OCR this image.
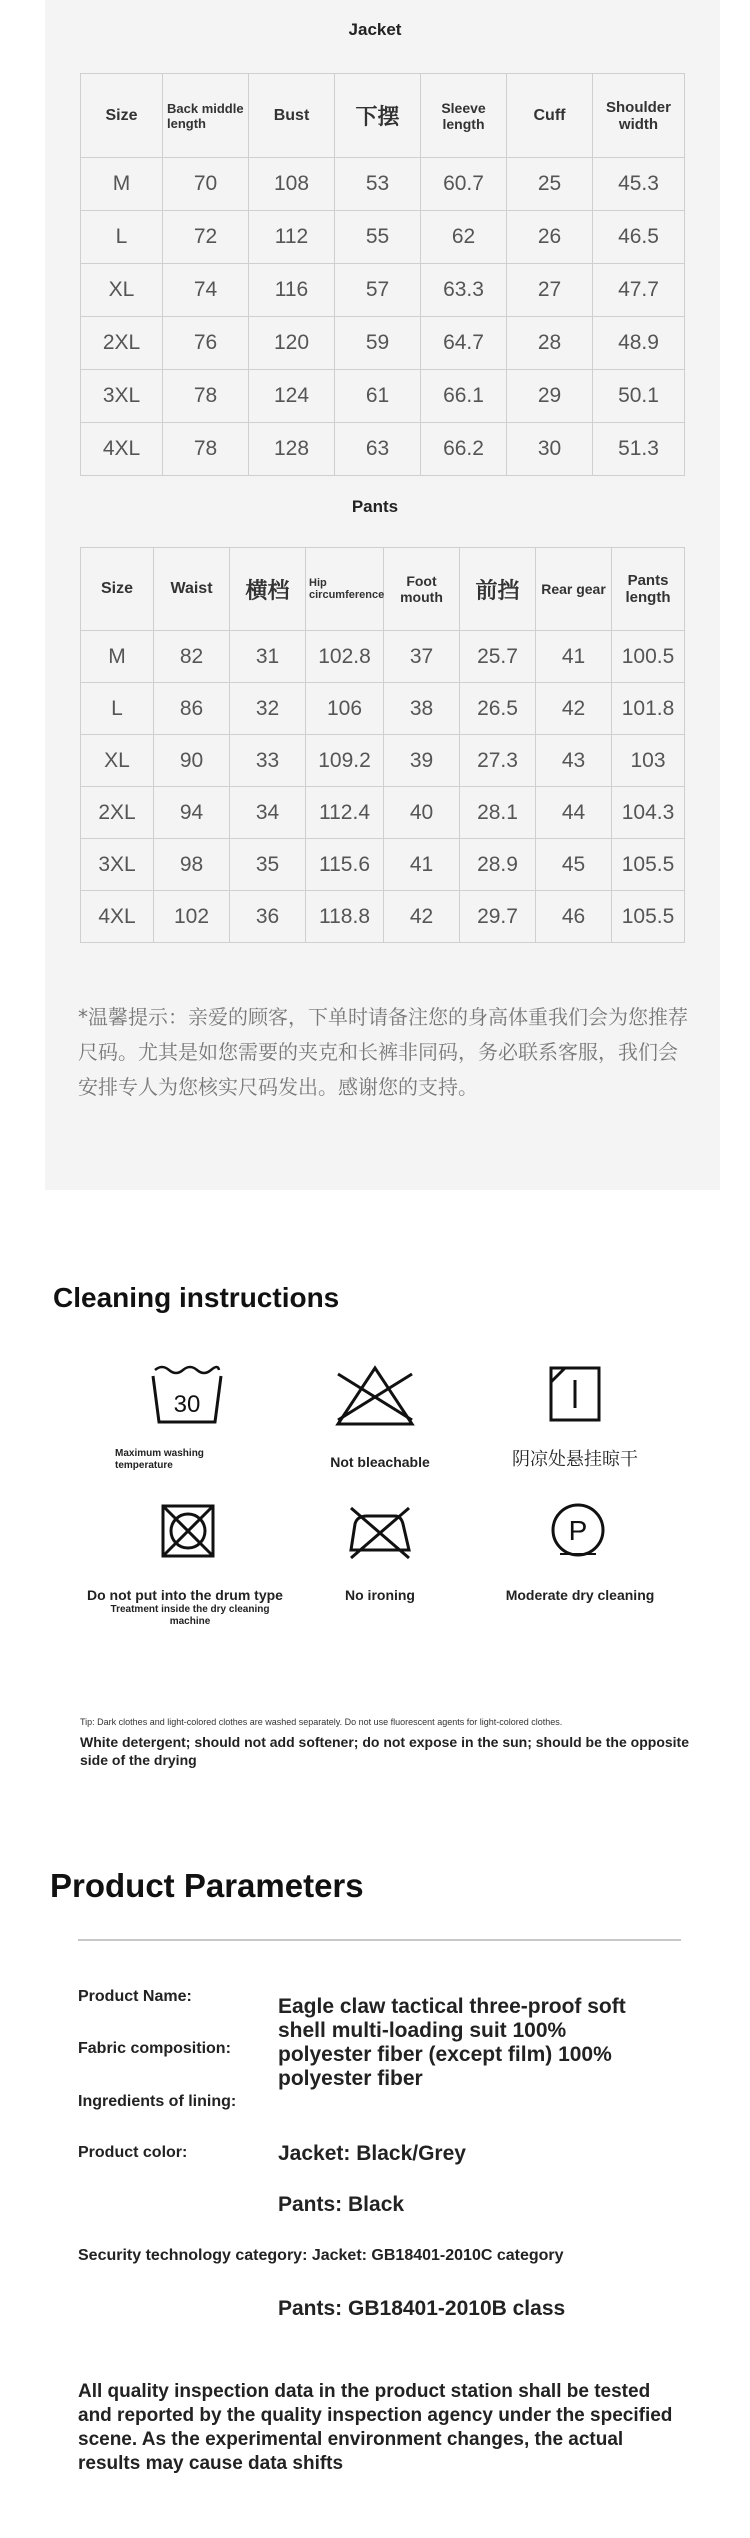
Jacket
Size	Back middle length	Bust	下摆	Sleeve length	Cuff	Shoulder width
M	70	108	53	60.7	25	45.3
L	72	112	55	62	26	46.5
XL	74	116	57	63.3	27	47.7
2XL	76	120	59	64.7	28	48.9
3XL	78	124	61	66.1	29	50.1
4XL	78	128	63	66.2	30	51.3
Pants
Size	Waist	横档	Hip circumference	Foot mouth	前挡	Rear gear	Pants length
M	82	31	102.8	37	25.7	41	100.5
L	86	32	106	38	26.5	42	101.8
XL	90	33	109.2	39	27.3	43	103
2XL	94	34	112.4	40	28.1	44	104.3
3XL	98	35	115.6	41	28.9	45	105.5
4XL	102	36	118.8	42	29.7	46	105.5
*温馨提示：亲爱的顾客，下单时请备注您的身高体重我们会为您推荐尺码。尤其是如您需要的夹克和长裤非同码，务必联系客服，我们会安排专人为您核实尺码发出。感谢您的支持。
Cleaning instructions
30
Maximum washing temperature	Not bleachable	阴凉处悬挂晾干
Do not put into the drum type
Treatment inside the dry cleaning machine
No ironing
P
Moderate dry cleaning
Tip: Dark clothes and light-colored clothes are washed separately. Do not use fluorescent agents for light-colored clothes.
White detergent; should not add softener; do not expose in the sun; should be the opposite side of the drying
Product Parameters
Product Name:
Fabric composition:
Ingredients of lining:
Eagle claw tactical three-proof soft shell multi-loading suit 100% polyester fiber (except film) 100% polyester fiber
Product color:	Jacket: Black/Grey
Pants: Black
Security technology category: Jacket: GB18401-2010C category
Pants: GB18401-2010B class
All quality inspection data in the product station shall be tested and reported by the quality inspection agency under the specified scene. As the experimental environment changes, the actual results may cause data shifts
